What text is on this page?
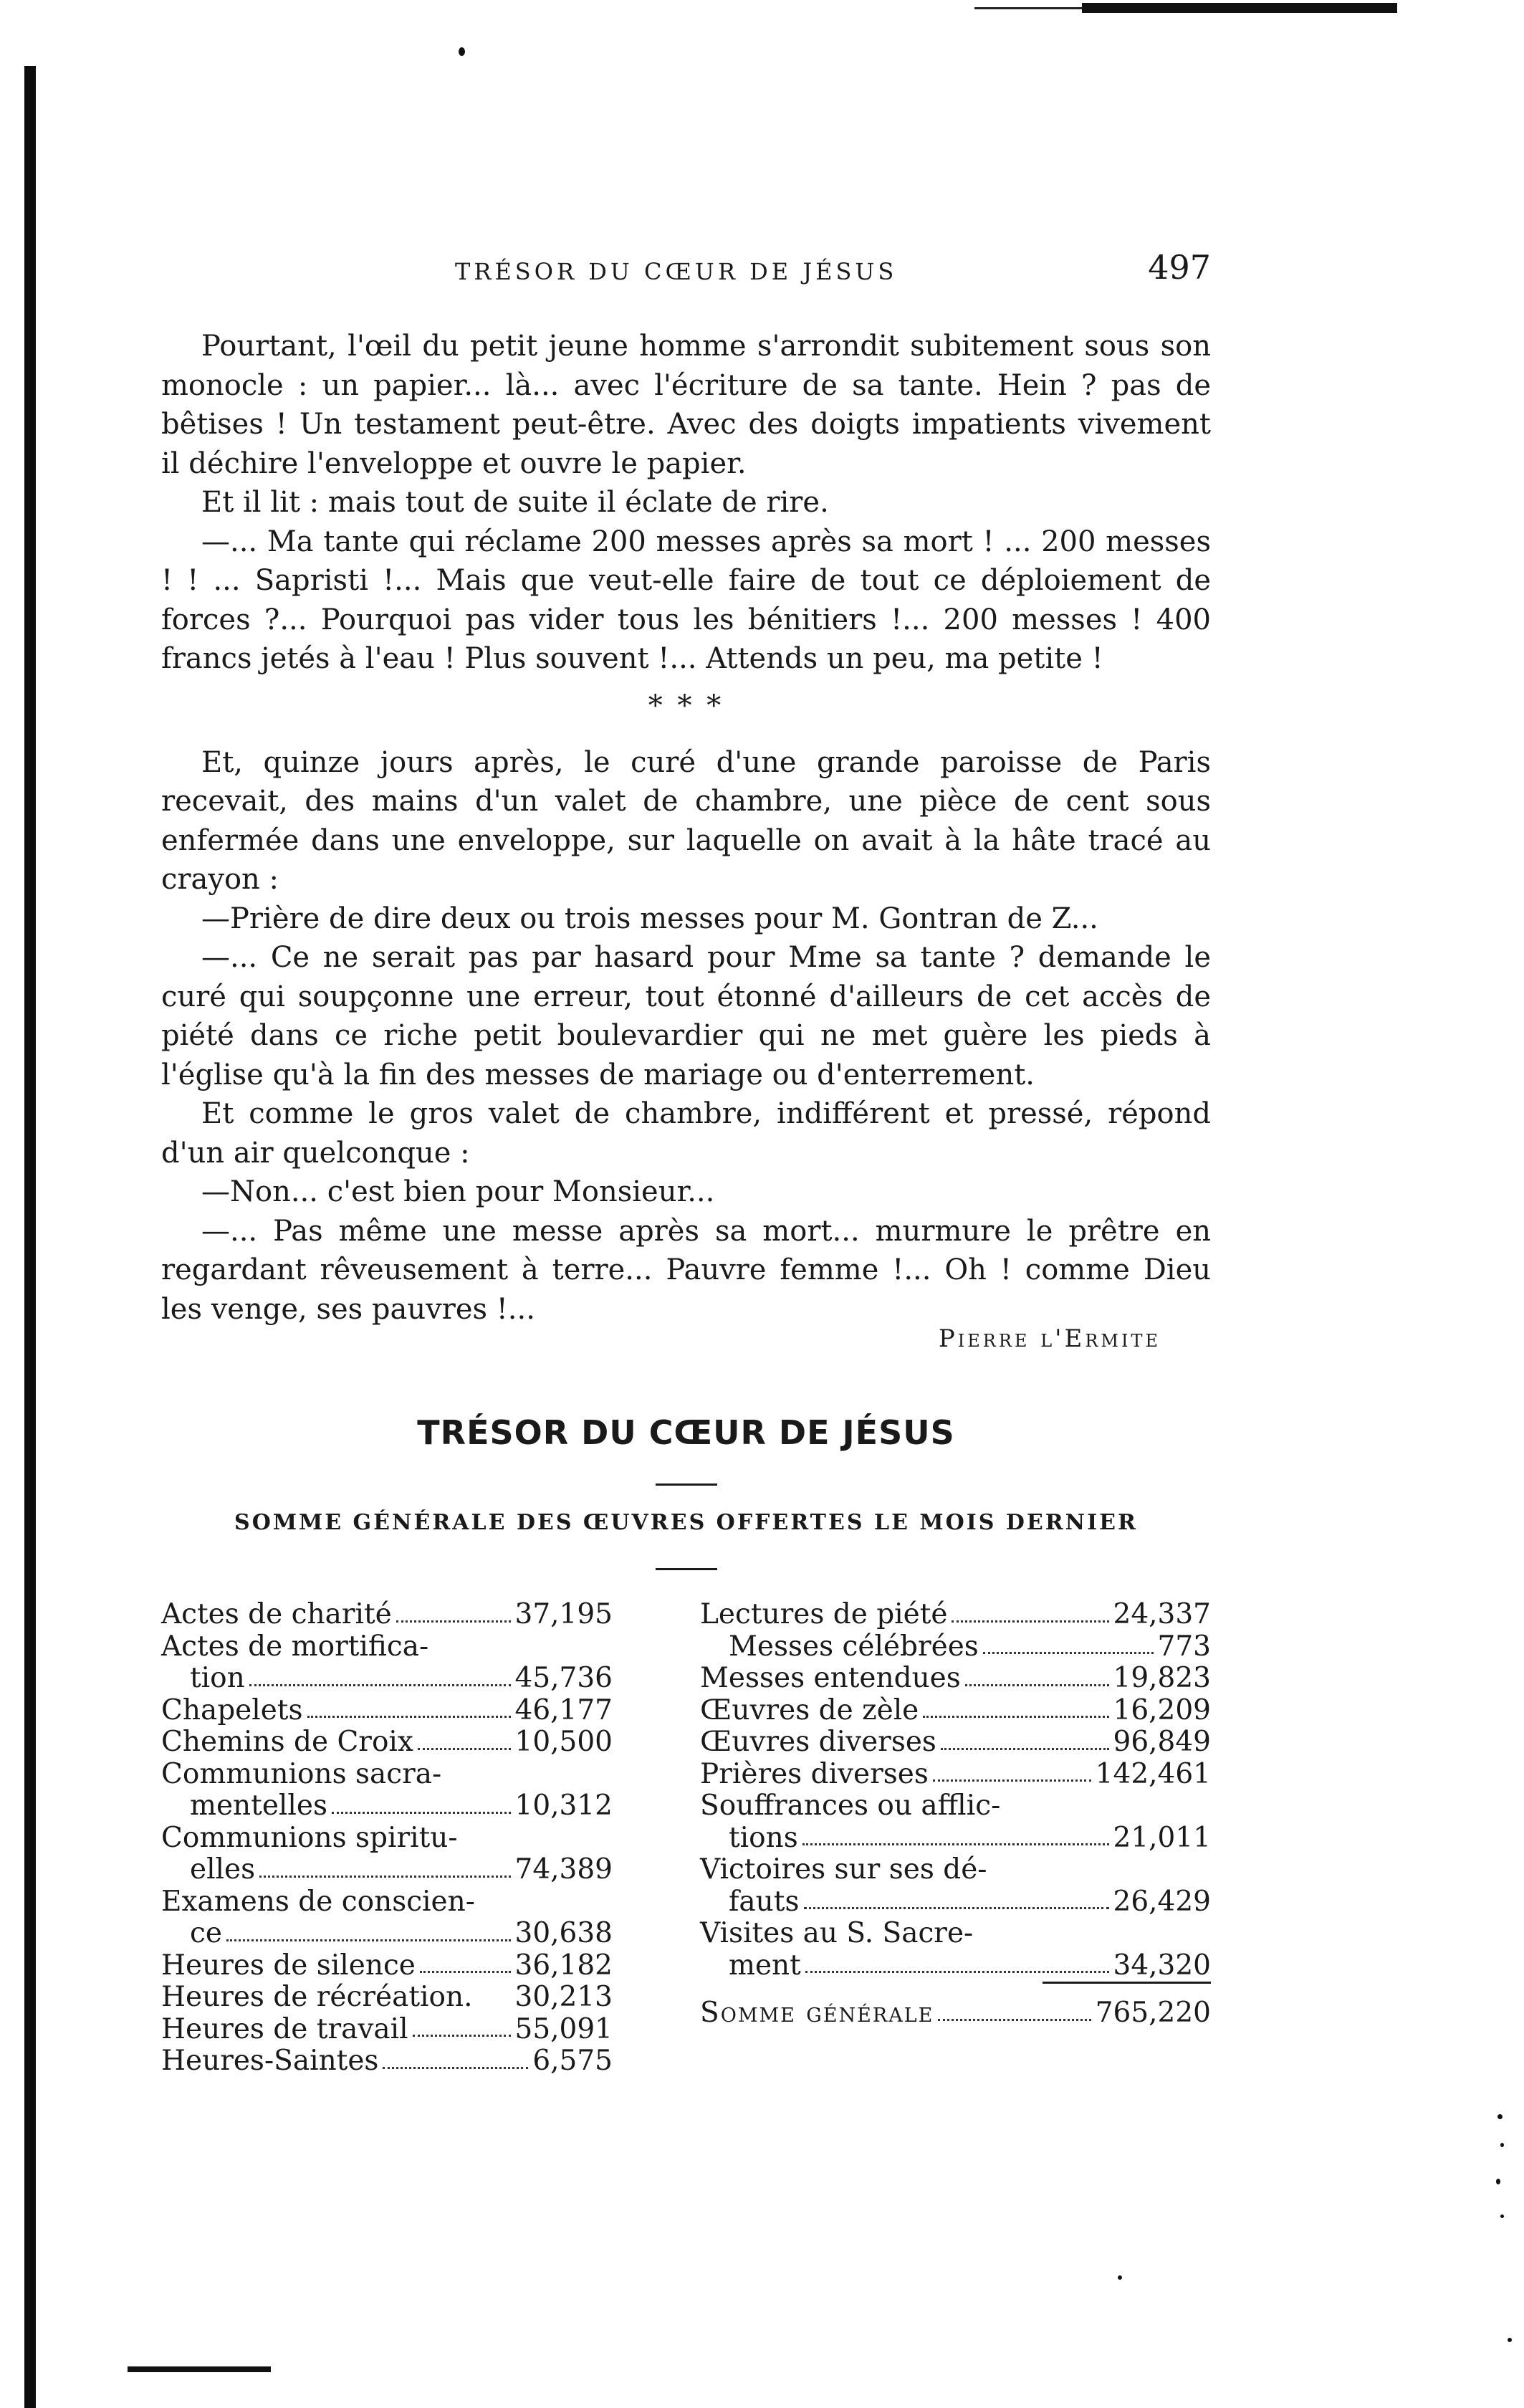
TRÉSOR DU CŒUR DE JÉSUS	497

Pourtant, l'œil du petit jeune homme s'arrondit subitement sous son monocle : un papier... là... avec l'écriture de sa tante. Hein ? pas de bêtises ! Un testament peut-être. Avec des doigts impatients vivement il déchire l'enveloppe et ouvre le papier.

Et il lit : mais tout de suite il éclate de rire.

—... Ma tante qui réclame 200 messes après sa mort ! ... 200 messes ! ! ... Sapristi !... Mais que veut-elle faire de tout ce déploiement de forces ?... Pourquoi pas vider tous les bénitiers !... 200 messes ! 400 francs jetés à l'eau ! Plus souvent !... Attends un peu, ma petite !

* * *

Et, quinze jours après, le curé d'une grande paroisse de Paris recevait, des mains d'un valet de chambre, une pièce de cent sous enfermée dans une enveloppe, sur laquelle on avait à la hâte tracé au crayon :

—Prière de dire deux ou trois messes pour M. Gontran de Z...

—... Ce ne serait pas par hasard pour Mme sa tante ? demande le curé qui soupçonne une erreur, tout étonné d'ailleurs de cet accès de piété dans ce riche petit boulevardier qui ne met guère les pieds à l'église qu'à la fin des messes de mariage ou d'enterrement.

Et comme le gros valet de chambre, indifférent et pressé, répond d'un air quelconque :

—Non... c'est bien pour Monsieur...

—... Pas même une messe après sa mort... murmure le prêtre en regardant rêveusement à terre... Pauvre femme !... Oh ! comme Dieu les venge, ses pauvres !...

Pierre l'Ermite
TRÉSOR DU CŒUR DE JÉSUS
SOMME GÉNÉRALE DES ŒUVRES OFFERTES LE MOIS DERNIER
Actes de charité	37,195
Actes de mortifica-
tion	45,736
Chapelets	46,177
Chemins de Croix	10,500
Communions sacra-
mentelles	10,312
Communions spiritu-
elles	74,389
Examens de conscien-
ce	30,638
Heures de silence	36,182
Heures de récréation. 30,213
Heures de travail	55,091
Heures-Saintes	6,575
Lectures de piété	24,337
Messes célébrées	773
Messes entendues	19,823
Œuvres de zèle	16,209
Œuvres diverses	96,849
Prières diverses	142,461
Souffrances ou afflic-
tions	21,011
Victoires sur ses dé-
fauts	26,429
Visites au S. Sacre-
ment	34,320
Somme générale	765,220
